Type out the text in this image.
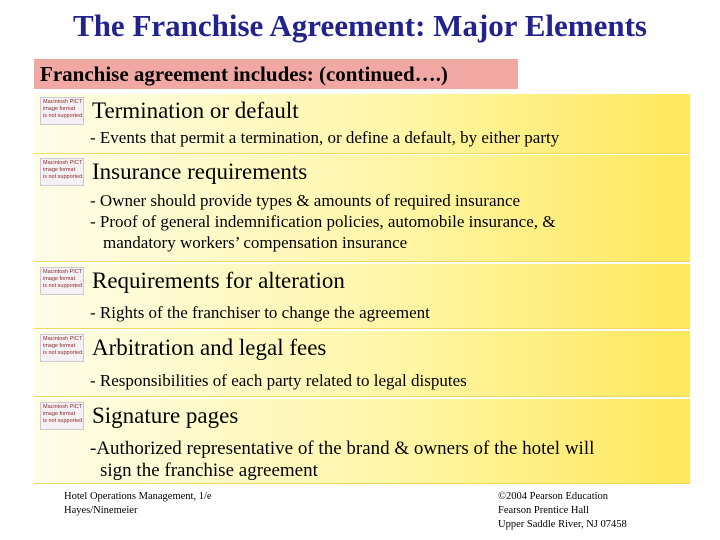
The Franchise Agreement: Major Elements
Franchise agreement includes: (continued….)
Macintosh PICT
image format
is not supported Termination or default
- Events that permit a termination, or define a default, by either party
Macintosh PICT
image format
is not supported Insurance requirements
- Owner should provide types & amounts of required insurance
- Proof of general indemnification policies, automobile insurance, &
mandatory workers’ compensation insurance
Macintosh PICT
image format
is not supported Requirements for alteration
- Rights of the franchiser to change the agreement
Macintosh PICT
image format
is not supported Arbitration and legal fees
- Responsibilities of each party related to legal disputes
Macintosh PICT
image format
is not supported Signature pages
-Authorized representative of the brand & owners of the hotel will
sign the franchise agreement
Hotel Operations Management, 1/e
Hayes/Ninemeier
©2004 Pearson Education
Fearson Prentice Hall
Upper Saddle River, NJ 07458
